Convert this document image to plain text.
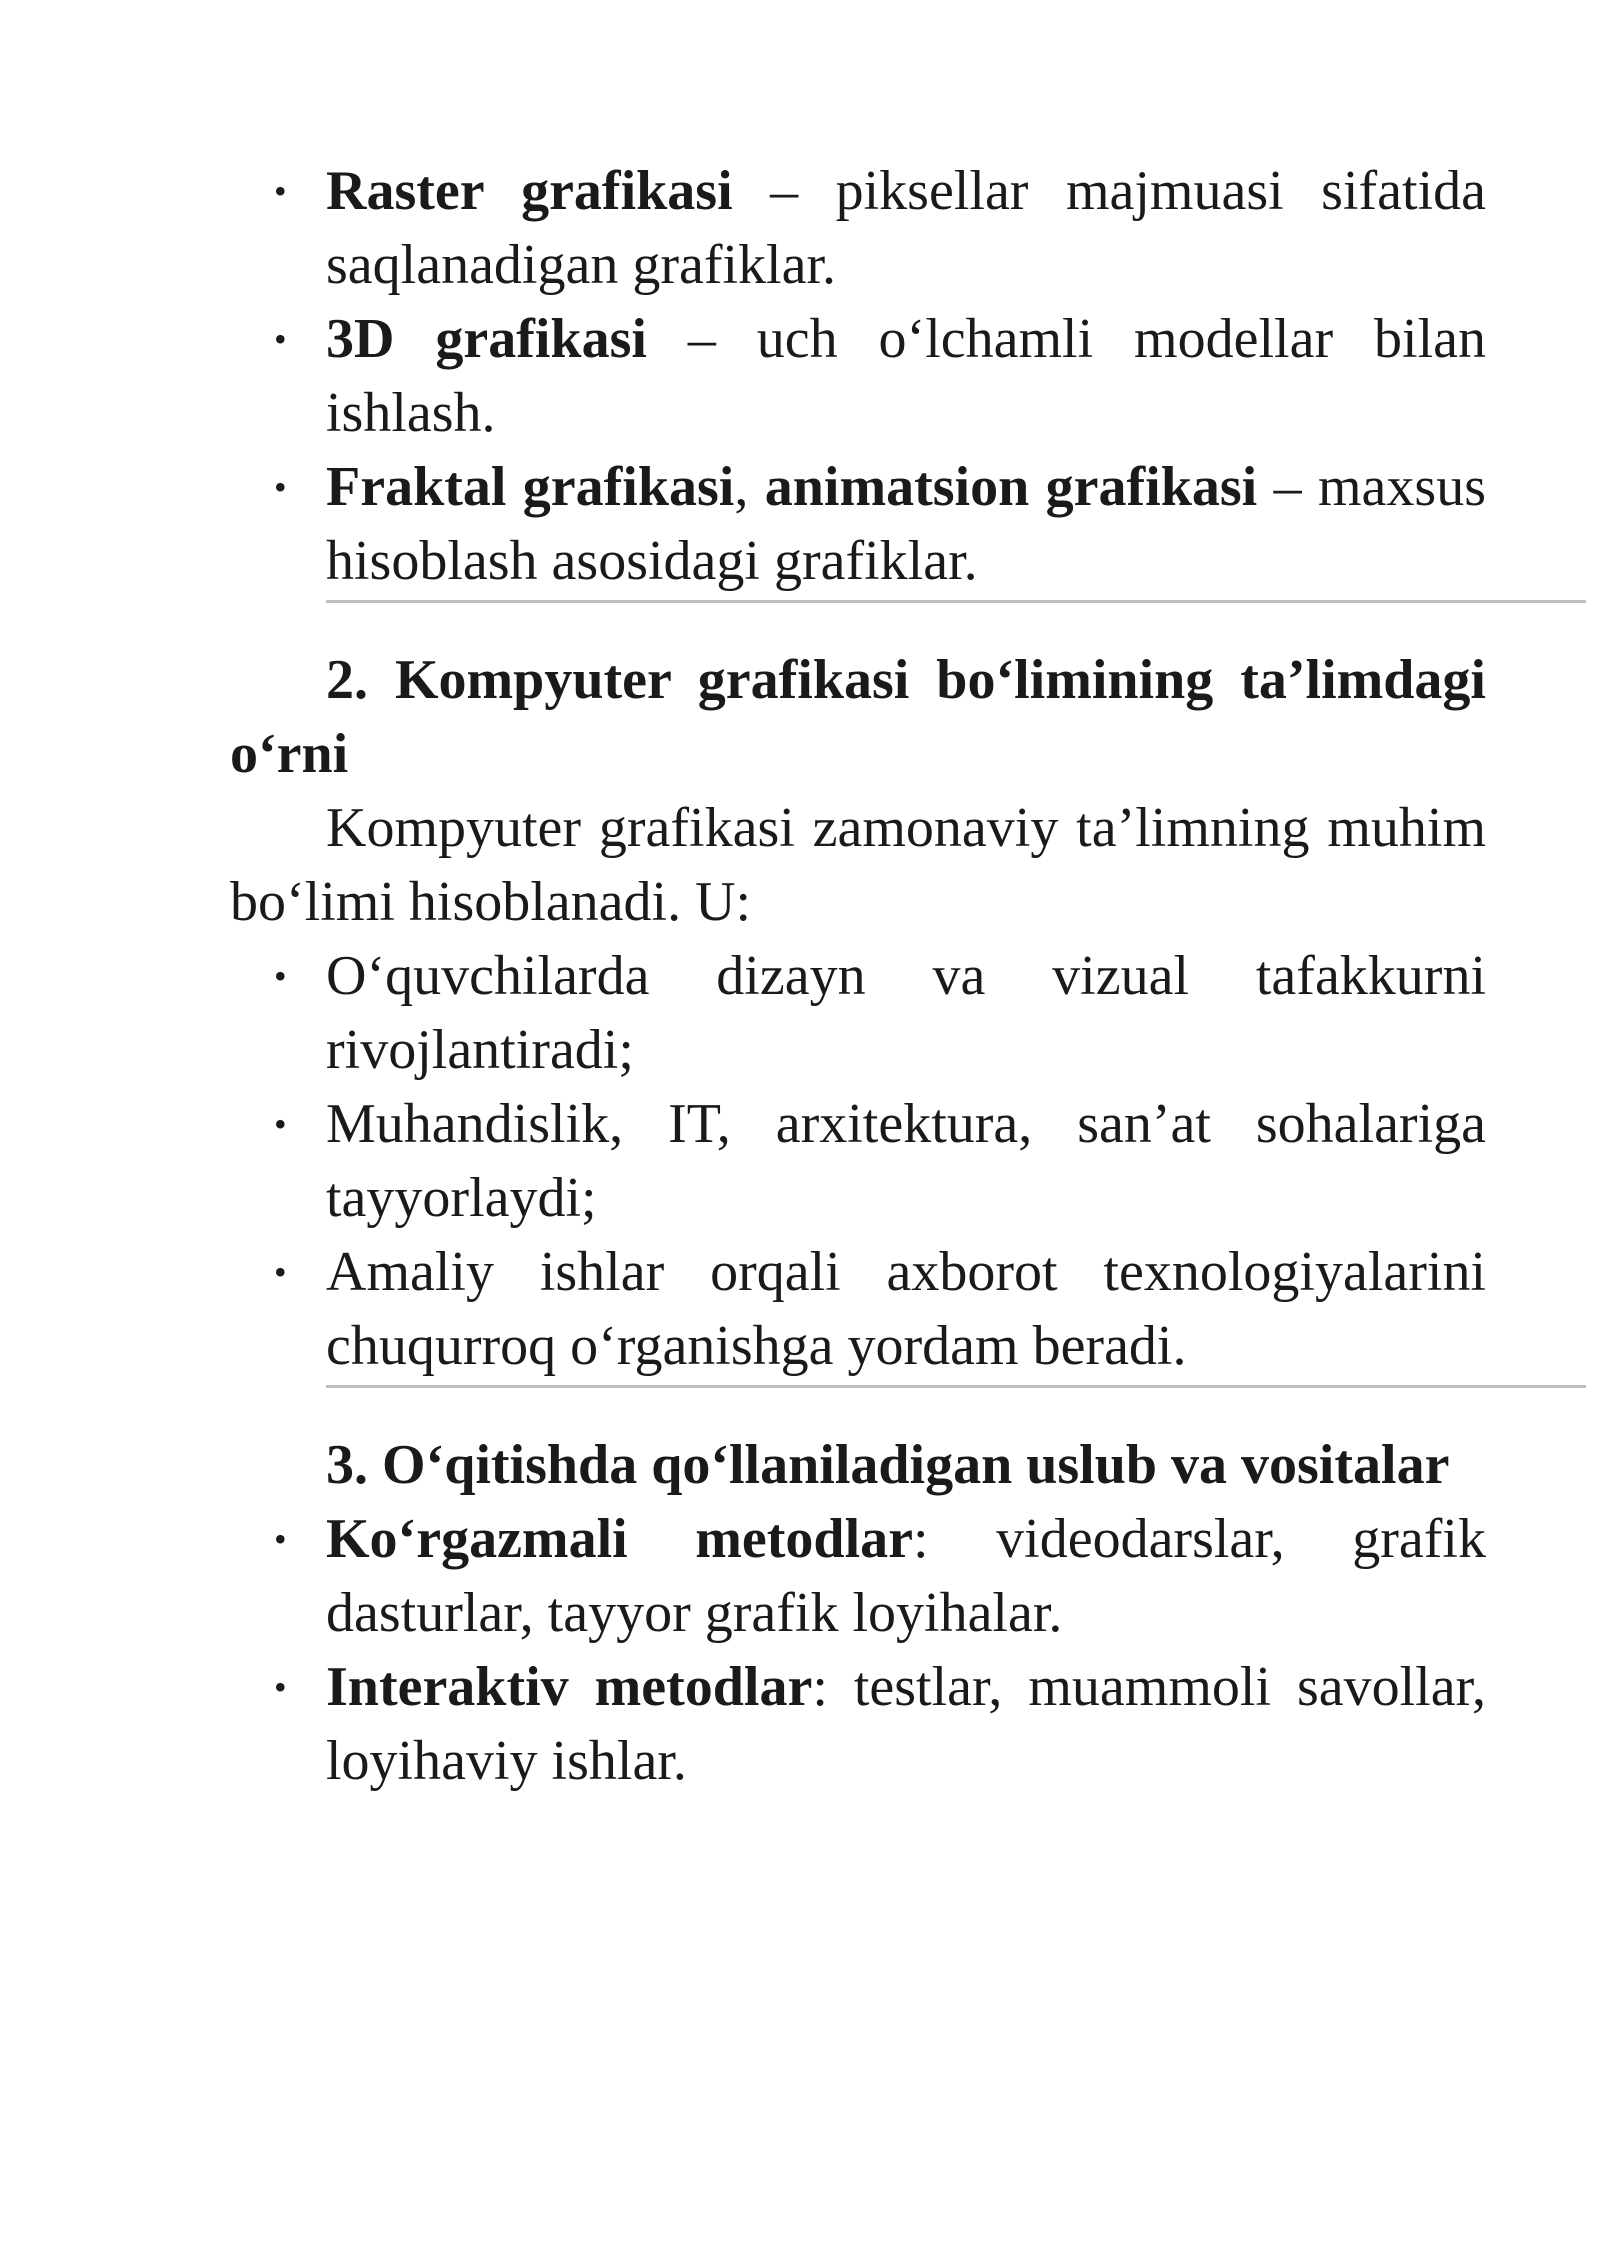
• Raster grafikasi – piksellar majmuasi sifatida saqlanadigan grafiklar.
• 3D grafikasi – uch o‘lchamli modellar bilan ishlash.
• Fraktal grafikasi, animatsion grafikasi – maxsus hisoblash asosidagi grafiklar.

2. Kompyuter grafikasi bo‘limining ta’limdagi o‘rni

Kompyuter grafikasi zamonaviy ta’limning muhim bo‘limi hisoblanadi. U:

• O‘quvchilarda dizayn va vizual tafakkurni rivojlantiradi;
• Muhandislik, IT, arxitektura, san’at sohalariga tayyorlaydi;
• Amaliy ishlar orqali axborot texnologiyalarini chuqurroq o‘rganishga yordam beradi.

3. O‘qitishda qo‘llaniladigan uslub va vositalar

• Ko‘rgazmali metodlar: videodarslar, grafik dasturlar, tayyor grafik loyihalar.
• Interaktiv metodlar: testlar, muammoli savollar, loyihaviy ishlar.
